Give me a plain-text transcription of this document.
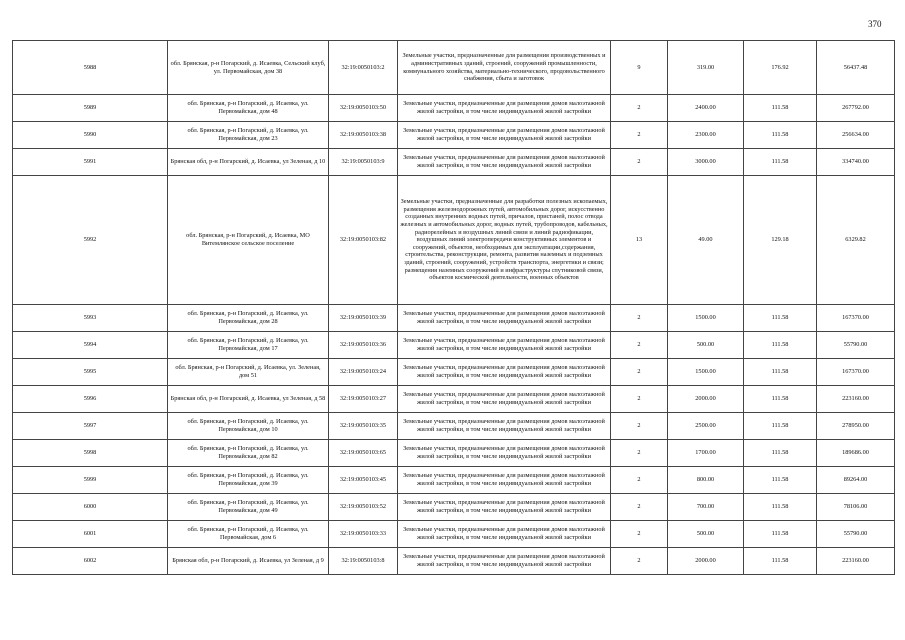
370
5988	обл. Брянская, р-н Погарский, д. Исаевка, Сельский клуб, ул. Первомайская, дом 38	32:19:0050103:2	Земельные участки, предназначенные для размещения производственных и административных зданий, строений, сооружений промышленности, коммунального хозяйства, материально-технического, продовольственного снабжения, сбыта и заготовок	9	319.00	176.92	56437.48
5989	обл. Брянская, р-н Погарский, д. Исаевка, ул. Первомайская, дом 48	32:19:0050103:50	Земельные участки, предназначенные для размещения домов малоэтажной жилой застройки, в том числе индивидуальной жилой застройки	2	2400.00	111.58	267792.00
5990	обл. Брянская, р-н Погарский, д. Исаевка, ул. Первомайская, дом 23	32:19:0050103:38	Земельные участки, предназначенные для размещения домов малоэтажной жилой застройки, в том числе индивидуальной жилой застройки	2	2300.00	111.58	256634.00
5991	Брянская обл, р-н Погарский, д. Исаевка, ул Зеленая, д 10	32:19:0050103:9	Земельные участки, предназначенные для размещения домов малоэтажной жилой застройки, в том числе индивидуальной жилой застройки	2	3000.00	111.58	334740.00
5992	обл. Брянская, р-н Погарский, д. Исаевка, МО Витемлянское сельское поселение	32:19:0050103:82	Земельные участки, предназначенные для разработки полезных ископаемых, размещения железнодорожных путей, автомобильных дорог, искусственно созданных внутренних водных путей, причалов, пристаней, полос отвода железных и автомобильных дорог, водных путей, трубопроводов, кабельных, радиорелейных и воздушных линий связи и линий радиофикации, воздушных линий электропередачи конструктивных элементов и сооружений, объектов, необходимых для эксплуатации,содержания, строительства, реконструкции, ремонта, развития наземных и подземных зданий, строений, сооружений, устройств транспорта, энергетики и связи; размещения наземных сооружений и инфраструктуры спутниковой связи, объектов космической деятельности, военных объектов	13	49.00	129.18	6329.82
5993	обл. Брянская, р-н Погарский, д. Исаевка, ул. Первомайская, дом 28	32:19:0050103:39	Земельные участки, предназначенные для размещения домов малоэтажной жилой застройки, в том числе индивидуальной жилой застройки	2	1500.00	111.58	167370.00
5994	обл. Брянская, р-н Погарский, д. Исаевка, ул. Первомайская, дом 17	32:19:0050103:36	Земельные участки, предназначенные для размещения домов малоэтажной жилой застройки, в том числе индивидуальной жилой застройки	2	500.00	111.58	55790.00
5995	обл. Брянская, р-н Погарский, д. Исаевка, ул. Зеленая, дом 51	32:19:0050103:24	Земельные участки, предназначенные для размещения домов малоэтажной жилой застройки, в том числе индивидуальной жилой застройки	2	1500.00	111.58	167370.00
5996	Брянская обл, р-н Погарский, д. Исаевка, ул Зеленая, д 58	32:19:0050103:27	Земельные участки, предназначенные для размещения домов малоэтажной жилой застройки, в том числе индивидуальной жилой застройки	2	2000.00	111.58	223160.00
5997	обл. Брянская, р-н Погарский, д. Исаевка, ул. Первомайская, дом 10	32:19:0050103:35	Земельные участки, предназначенные для размещения домов малоэтажной жилой застройки, в том числе индивидуальной жилой застройки	2	2500.00	111.58	278950.00
5998	обл. Брянская, р-н Погарский, д. Исаевка, ул. Первомайская, дом 82	32:19:0050103:65	Земельные участки, предназначенные для размещения домов малоэтажной жилой застройки, в том числе индивидуальной жилой застройки	2	1700.00	111.58	189686.00
5999	обл. Брянская, р-н Погарский, д. Исаевка, ул. Первомайская, дом 39	32:19:0050103:45	Земельные участки, предназначенные для размещения домов малоэтажной жилой застройки, в том числе индивидуальной жилой застройки	2	800.00	111.58	89264.00
6000	обл. Брянская, р-н Погарский, д. Исаевка, ул. Первомайская, дом 49	32:19:0050103:52	Земельные участки, предназначенные для размещения домов малоэтажной жилой застройки, в том числе индивидуальной жилой застройки	2	700.00	111.58	78106.00
6001	обл. Брянская, р-н Погарский, д. Исаевка, ул. Первомайская, дом 6	32:19:0050103:33	Земельные участки, предназначенные для размещения домов малоэтажной жилой застройки, в том числе индивидуальной жилой застройки	2	500.00	111.58	55790.00
6002	Брянская обл, р-н Погарский, д. Исаевка, ул Зеленая, д 9	32:19:0050103:8	Земельные участки, предназначенные для размещения домов малоэтажной жилой застройки, в том числе индивидуальной жилой застройки	2	2000.00	111.58	223160.00
